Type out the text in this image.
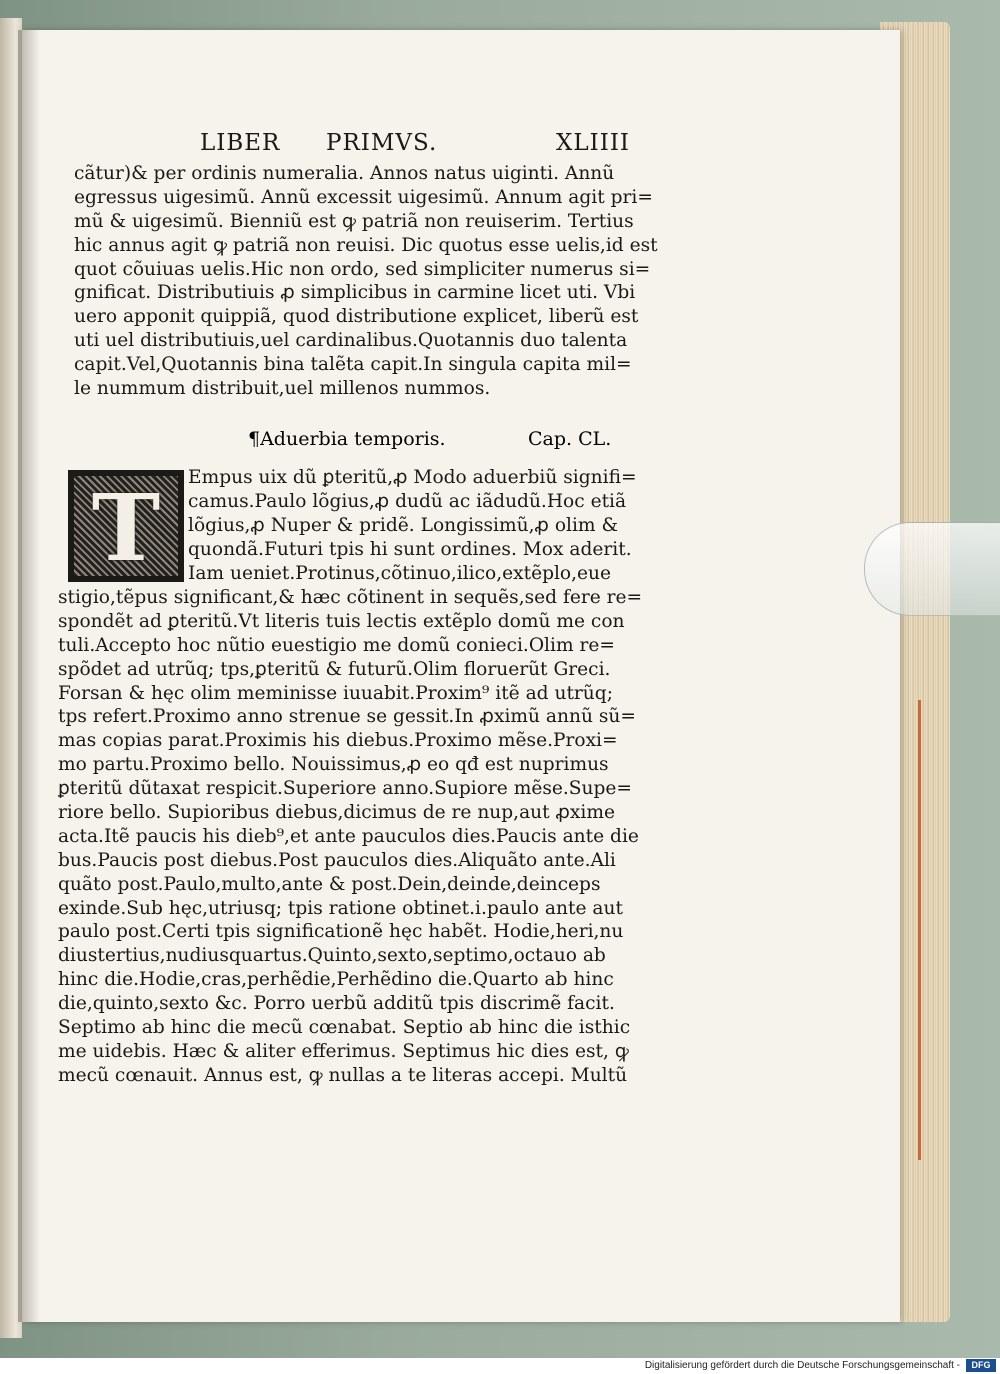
LIBER PRIMVS.	XLIIII
cãtur)& per ordinis numeralia. Annos natus uiginti. Annũ
egressus uigesimũ. Annũ excessit uigesimũ. Annum agit pri=
mũ & uigesimũ. Bienniũ est ꝙ patriã non reuiserim. Tertius
hic annus agit ꝙ patriã non reuisi. Dic quotus esse uelis,id est
quot cõuiuas uelis.Hic non ordo, sed simpliciter numerus si=
gnificat. Distributiuis ꝓ simplicibus in carmine licet uti. Vbi
uero apponit quippiã, quod distributione explicet, liberũ est
uti uel distributiuis,uel cardinalibus.Quotannis duo talenta
capit.Vel,Quotannis bina talẽta capit.In singula capita mil=
le nummum distribuit,uel millenos nummos.
¶Aduerbia temporis.	Cap. CL.
T	Empus uix dũ ꝑteritũ,ꝓ Modo aduerbiũ signifi=
camus.Paulo lõgius,ꝓ dudũ ac iãdudũ.Hoc etiã
lõgius,ꝓ Nuper & pridẽ. Longissimũ,ꝓ olim &
quondã.Futuri tpis hi sunt ordines. Mox aderit.
Iam ueniet.Protinus,cõtinuo,ilico,extẽplo,eue
stigio,tẽpus significant,& hæc cõtinent in sequẽs,sed fere re=
spondẽt ad ꝑteritũ.Vt literis tuis lectis extẽplo domũ me con
tuli.Accepto hoc nũtio euestigio me domũ conieci.Olim re=
spõdet ad utrũq; tps,ꝑteritũ & futurũ.Olim floruerũt Greci.
Forsan & hęc olim meminisse iuuabit.Proxim⁹ itẽ ad utrũq;
tps refert.Proximo anno strenue se gessit.In ꝓximũ annũ sũ=
mas copias parat.Proximis his diebus.Proximo mẽse.Proxi=
mo partu.Proximo bello. Nouissimus,ꝓ eo qđ est nuprimus
ꝑteritũ dũtaxat respicit.Superiore anno.Supiore mẽse.Supe=
riore bello. Supioribus diebus,dicimus de re nup,aut ꝓxime
acta.Itẽ paucis his dieb⁹,et ante pauculos dies.Paucis ante die
bus.Paucis post diebus.Post pauculos dies.Aliquãto ante.Ali
quãto post.Paulo,multo,ante & post.Dein,deinde,deinceps
exinde.Sub hęc,utriusq; tpis ratione obtinet.i.paulo ante aut
paulo post.Certi tpis significationẽ hęc habẽt. Hodie,heri,nu
diustertius,nudiusquartus.Quinto,sexto,septimo,octauo ab
hinc die.Hodie,cras,perhẽdie,Perhẽdino die.Quarto ab hinc
die,quinto,sexto &c. Porro uerbũ additũ tpis discrimẽ facit.
Septimo ab hinc die mecũ cœnabat. Septio ab hinc die isthic
me uidebis. Hæc & aliter efferimus. Septimus hic dies est, ꝙ
mecũ cœnauit. Annus est, ꝙ nullas a te literas accepi. Multũ
Digitalisierung gefördert durch die Deutsche Forschungsgemeinschaft -	DFG
